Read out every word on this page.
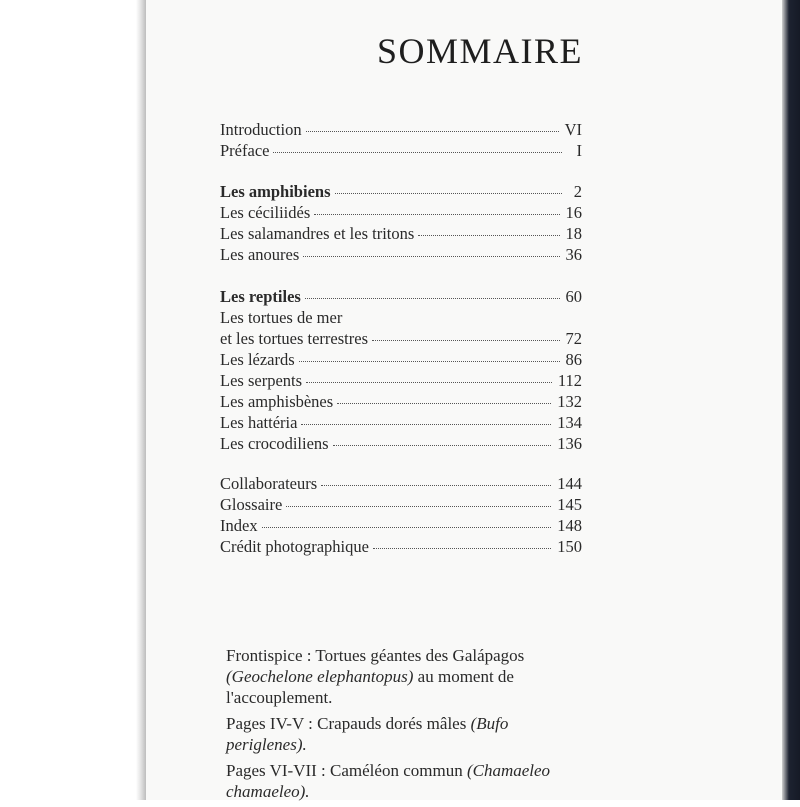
SOMMAIRE
Introduction	VI
Préface	I
Les amphibiens	2
Les céciliidés	16
Les salamandres et les tritons	18
Les anoures	36
Les reptiles	60
Les tortues de mer
et les tortues terrestres	72
Les lézards	86
Les serpents	112
Les amphisbènes	132
Les hattéria	134
Les crocodiliens	136
Collaborateurs	144
Glossaire	145
Index	148
Crédit photographique	150

Frontispice : Tortues géantes des Galápagos (Geochelone elephantopus) au moment de l'accouplement.

Pages IV-V : Crapauds dorés mâles (Bufo periglenes).

Pages VI-VII : Caméléon commun (Chamaeleo chamaeleo).
